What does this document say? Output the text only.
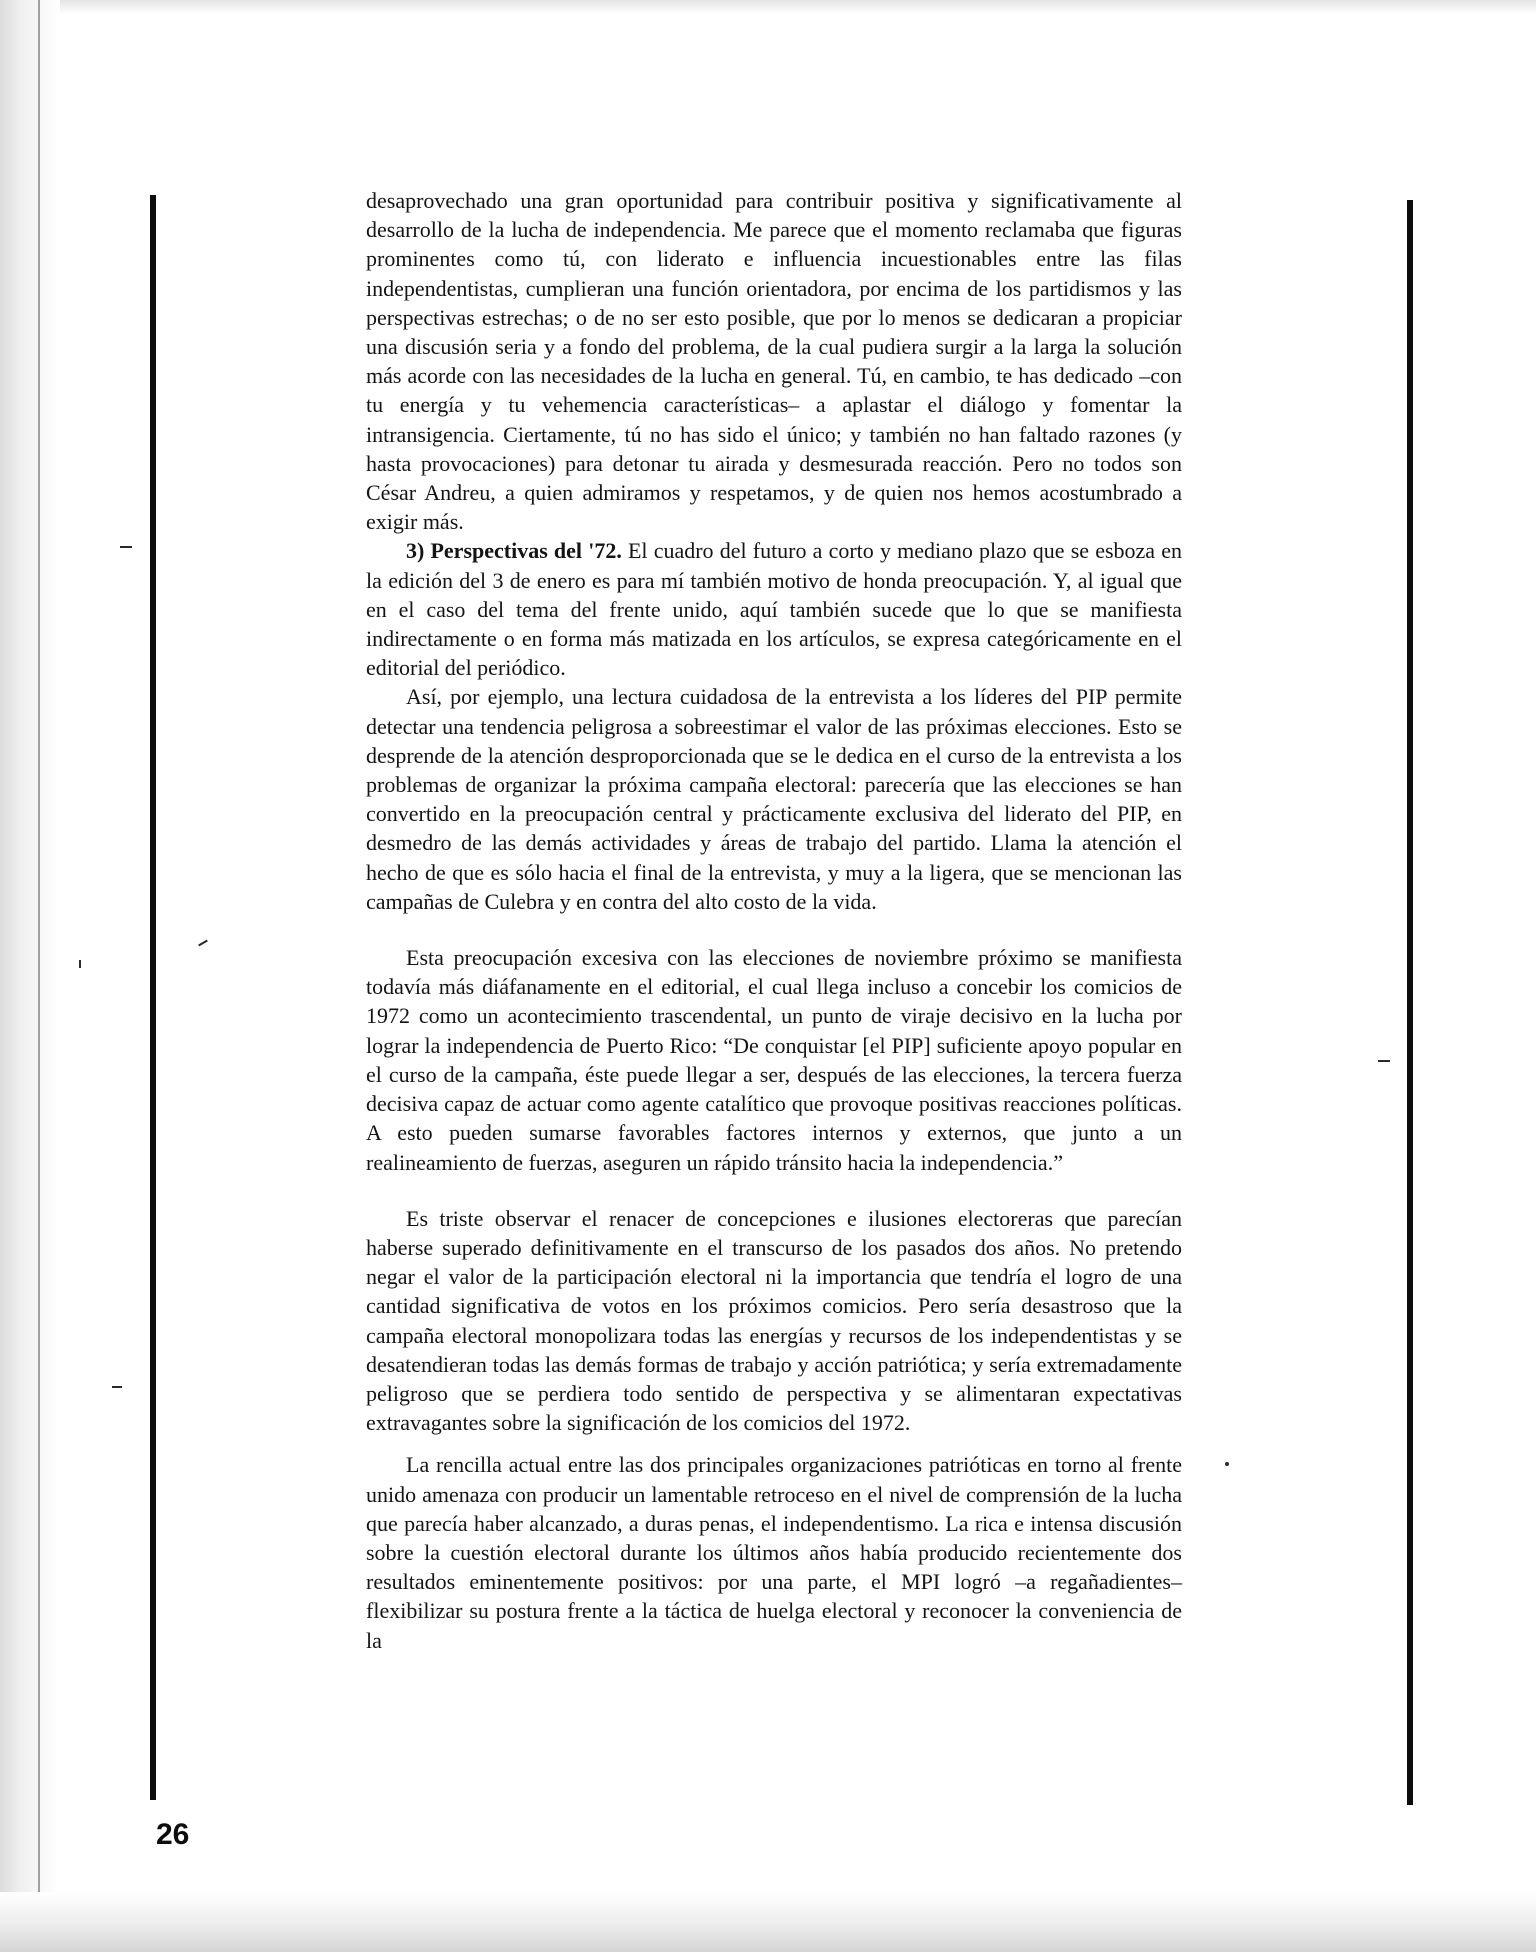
desaprovechado una gran oportunidad para contribuir positiva y significativamente al desarrollo de la lucha de independencia. Me parece que el momento reclamaba que figuras prominentes como tú, con liderato e influencia incuestionables entre las filas independentistas, cumplieran una función orientadora, por encima de los partidismos y las perspectivas estrechas; o de no ser esto posible, que por lo menos se dedicaran a propiciar una discusión seria y a fondo del problema, de la cual pudiera surgir a la larga la solución más acorde con las necesidades de la lucha en general. Tú, en cambio, te has dedicado –con tu energía y tu vehemencia características– a aplastar el diálogo y fomentar la intransigencia. Ciertamente, tú no has sido el único; y también no han faltado razones (y hasta provocaciones) para detonar tu airada y desmesurada reacción. Pero no todos son César Andreu, a quien admiramos y respetamos, y de quien nos hemos acostumbrado a exigir más.

3) Perspectivas del '72. El cuadro del futuro a corto y mediano plazo que se esboza en la edición del 3 de enero es para mí también motivo de honda preocupación. Y, al igual que en el caso del tema del frente unido, aquí también sucede que lo que se manifiesta indirectamente o en forma más matizada en los artículos, se expresa categóricamente en el editorial del periódico.

Así, por ejemplo, una lectura cuidadosa de la entrevista a los líderes del PIP permite detectar una tendencia peligrosa a sobreestimar el valor de las próximas elecciones. Esto se desprende de la atención desproporcionada que se le dedica en el curso de la entrevista a los problemas de organizar la próxima campaña electoral: parecería que las elecciones se han convertido en la preocupación central y prácticamente exclusiva del liderato del PIP, en desmedro de las demás actividades y áreas de trabajo del partido. Llama la atención el hecho de que es sólo hacia el final de la entrevista, y muy a la ligera, que se mencionan las campañas de Culebra y en contra del alto costo de la vida.

Esta preocupación excesiva con las elecciones de noviembre próximo se manifiesta todavía más diáfanamente en el editorial, el cual llega incluso a concebir los comicios de 1972 como un acontecimiento trascendental, un punto de viraje decisivo en la lucha por lograr la independencia de Puerto Rico: “De conquistar [el PIP] suficiente apoyo popular en el curso de la campaña, éste puede llegar a ser, después de las elecciones, la tercera fuerza decisiva capaz de actuar como agente catalítico que provoque positivas reacciones políticas. A esto pueden sumarse favorables factores internos y externos, que junto a un realineamiento de fuerzas, aseguren un rápido tránsito hacia la independencia.”

Es triste observar el renacer de concepciones e ilusiones electoreras que parecían haberse superado definitivamente en el transcurso de los pasados dos años. No pretendo negar el valor de la participación electoral ni la importancia que tendría el logro de una cantidad significativa de votos en los próximos comicios. Pero sería desastroso que la campaña electoral monopolizara todas las energías y recursos de los independentistas y se desatendieran todas las demás formas de trabajo y acción patriótica; y sería extremadamente peligroso que se perdiera todo sentido de perspectiva y se alimentaran expectativas extravagantes sobre la significación de los comicios del 1972.

La rencilla actual entre las dos principales organizaciones patrióticas en torno al frente unido amenaza con producir un lamentable retroceso en el nivel de comprensión de la lucha que parecía haber alcanzado, a duras penas, el independentismo. La rica e intensa discusión sobre la cuestión electoral durante los últimos años había producido recientemente dos resultados eminentemente positivos: por una parte, el MPI logró –a regañadientes– flexibilizar su postura frente a la táctica de huelga electoral y reconocer la conveniencia de la

26
